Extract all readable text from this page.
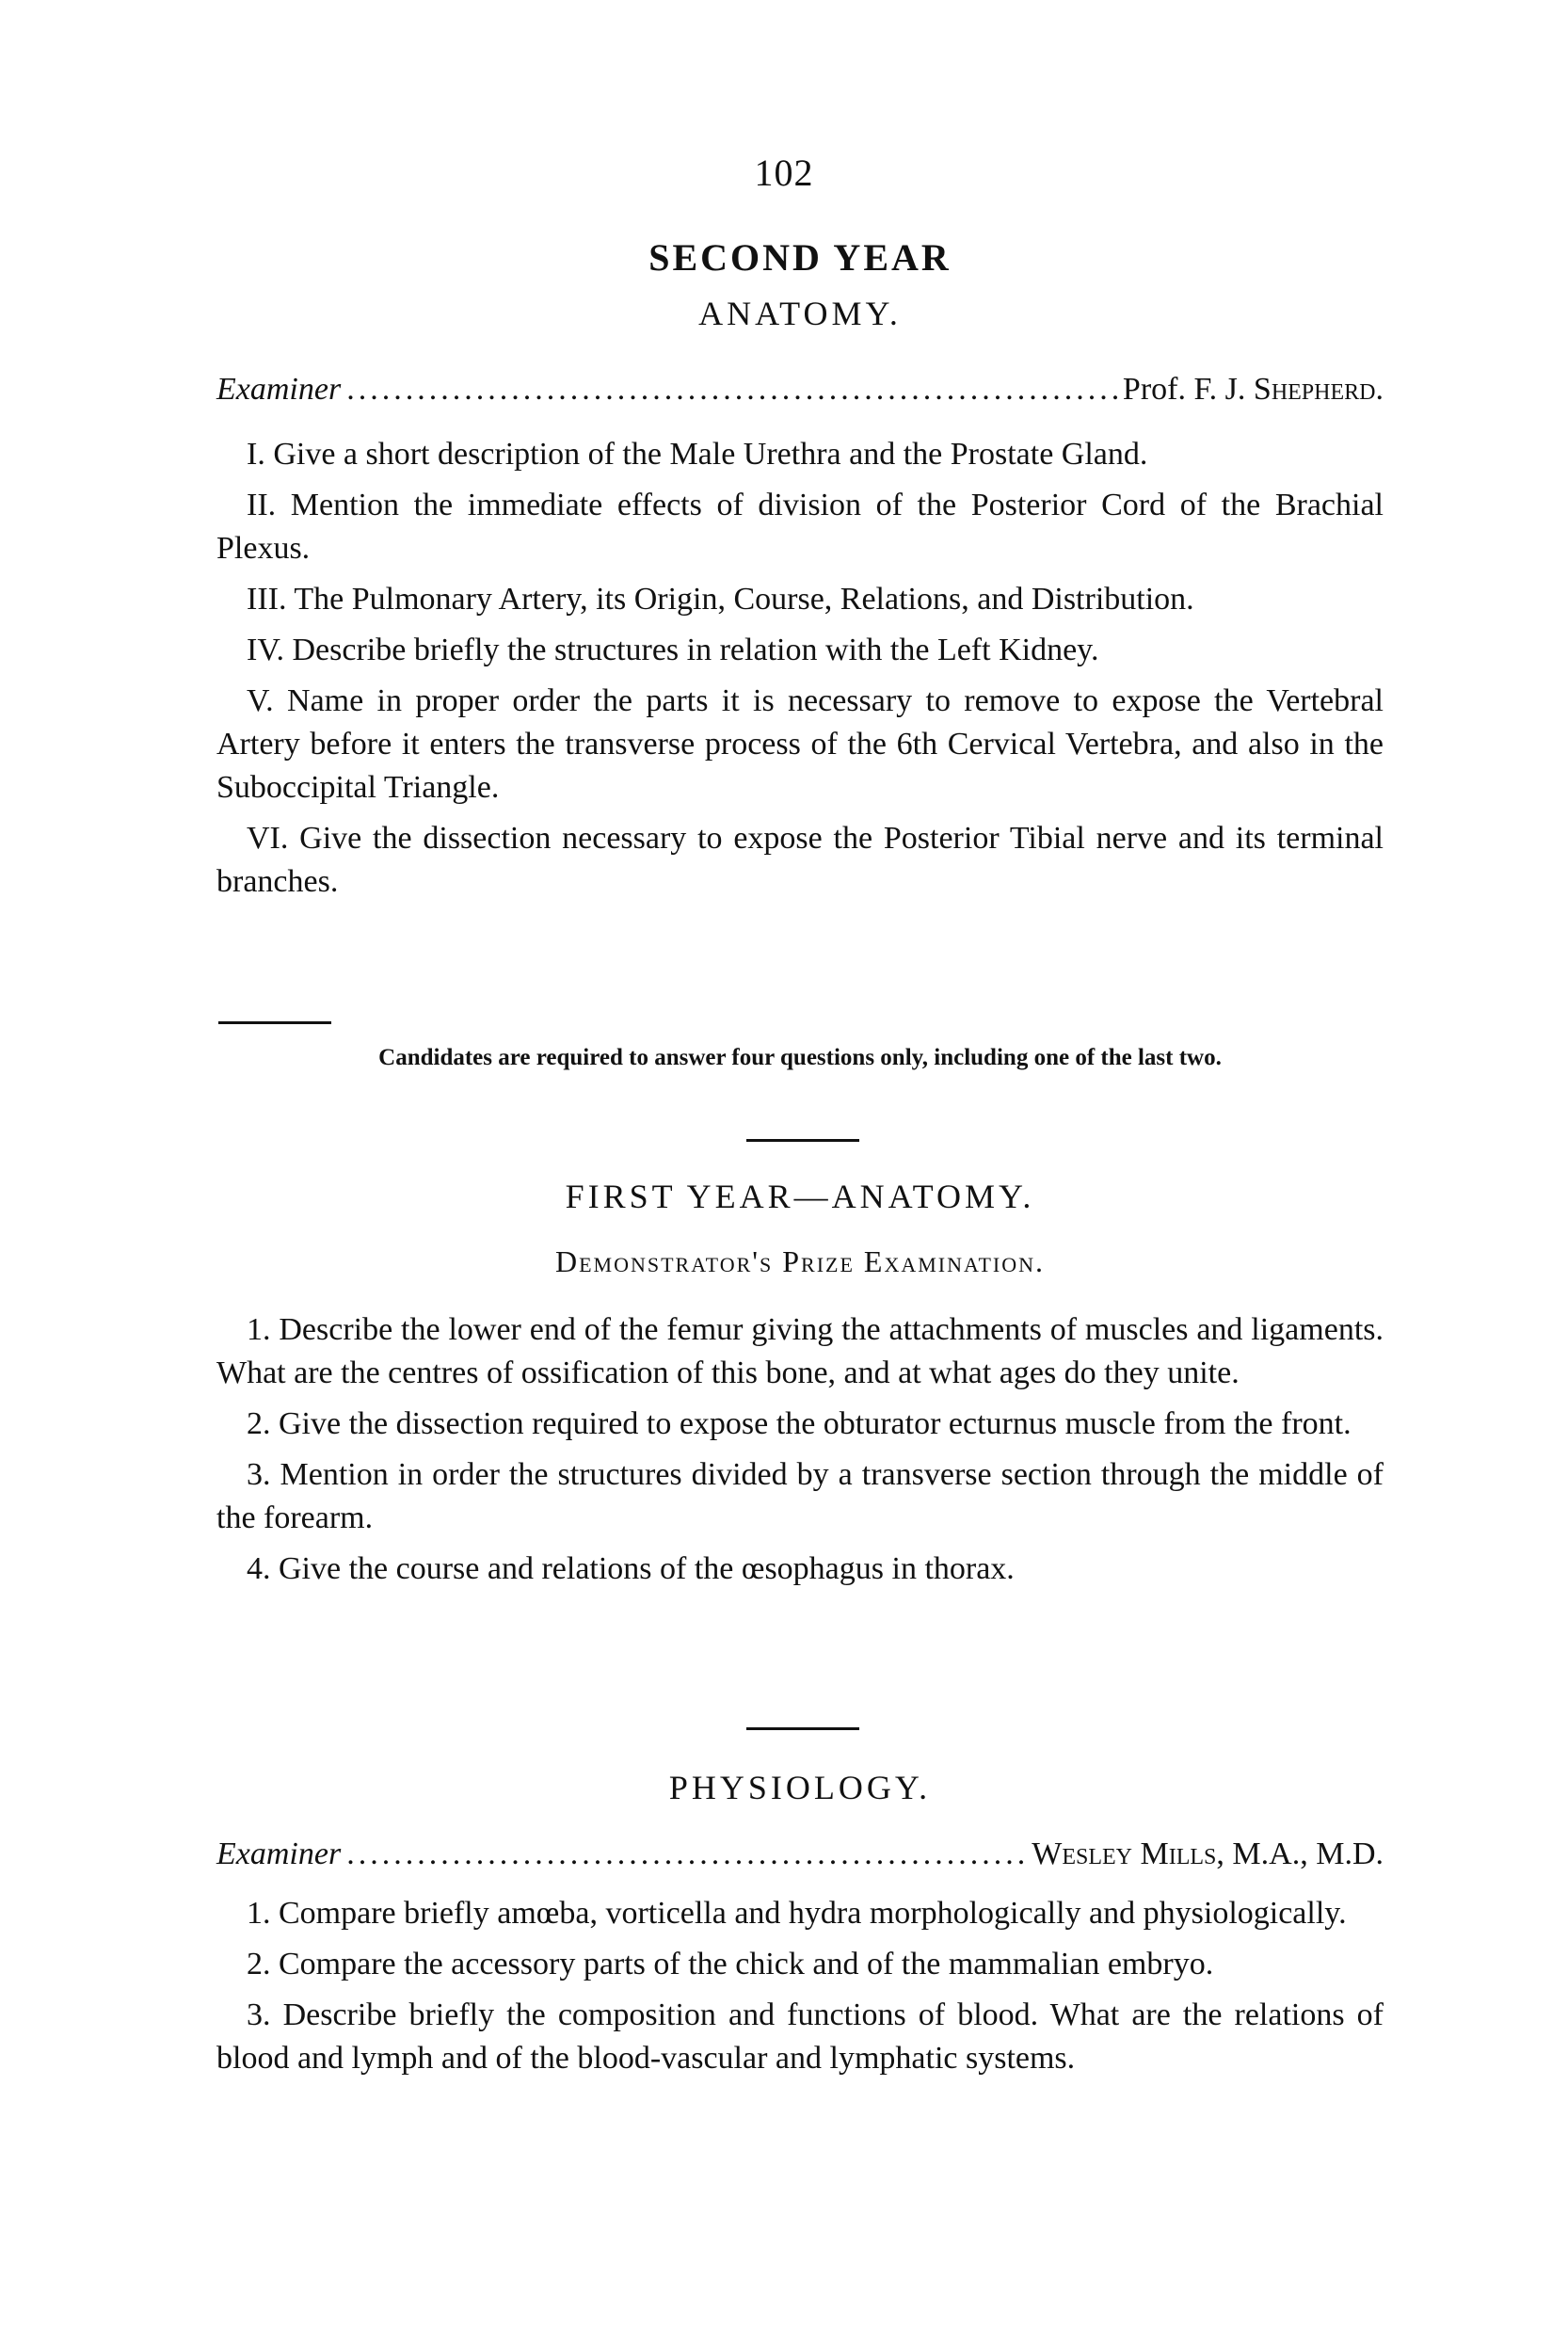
102
SECOND YEAR
ANATOMY.
Examiner .....	Prof. F. J. Shepherd.

I. Give a short description of the Male Urethra and the Prostate Gland.

II. Mention the immediate effects of division of the Posterior Cord of the Brachial Plexus.

III. The Pulmonary Artery, its Origin, Course, Relations, and Distribution.

IV. Describe briefly the structures in relation with the Left Kidney.

V. Name in proper order the parts it is necessary to remove to expose the Vertebral Artery before it enters the transverse process of the 6th Cervical Vertebra, and also in the Suboccipital Triangle.

VI. Give the dissection necessary to expose the Posterior Tibial nerve and its terminal branches.

Candidates are required to answer four questions only, including one of the last two.
FIRST YEAR—ANATOMY.
Demonstrator's Prize Examination.

1. Describe the lower end of the femur giving the attachments of muscles and ligaments. What are the centres of ossification of this bone, and at what ages do they unite.

2. Give the dissection required to expose the obturator ecturnus muscle from the front.

3. Mention in order the structures divided by a transverse section through the middle of the forearm.

4. Give the course and relations of the œsophagus in thorax.

PHYSIOLOGY.
Examiner .....	Wesley Mills, M.A., M.D.

1. Compare briefly amœba, vorticella and hydra morphologically and physiologically.

2. Compare the accessory parts of the chick and of the mammalian embryo.

3. Describe briefly the composition and functions of blood. What are the relations of blood and lymph and of the blood-vascular and lymphatic systems.
